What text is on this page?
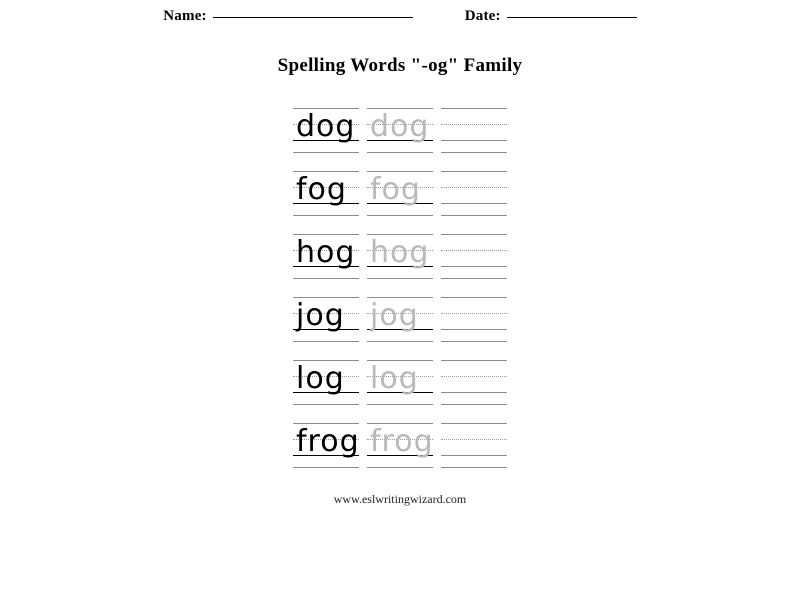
Name:	Date:
Spelling Words "-og" Family
dog dog
fog fog
hog hog
jog jog
log log
frog frog
www.eslwritingwizard.com
